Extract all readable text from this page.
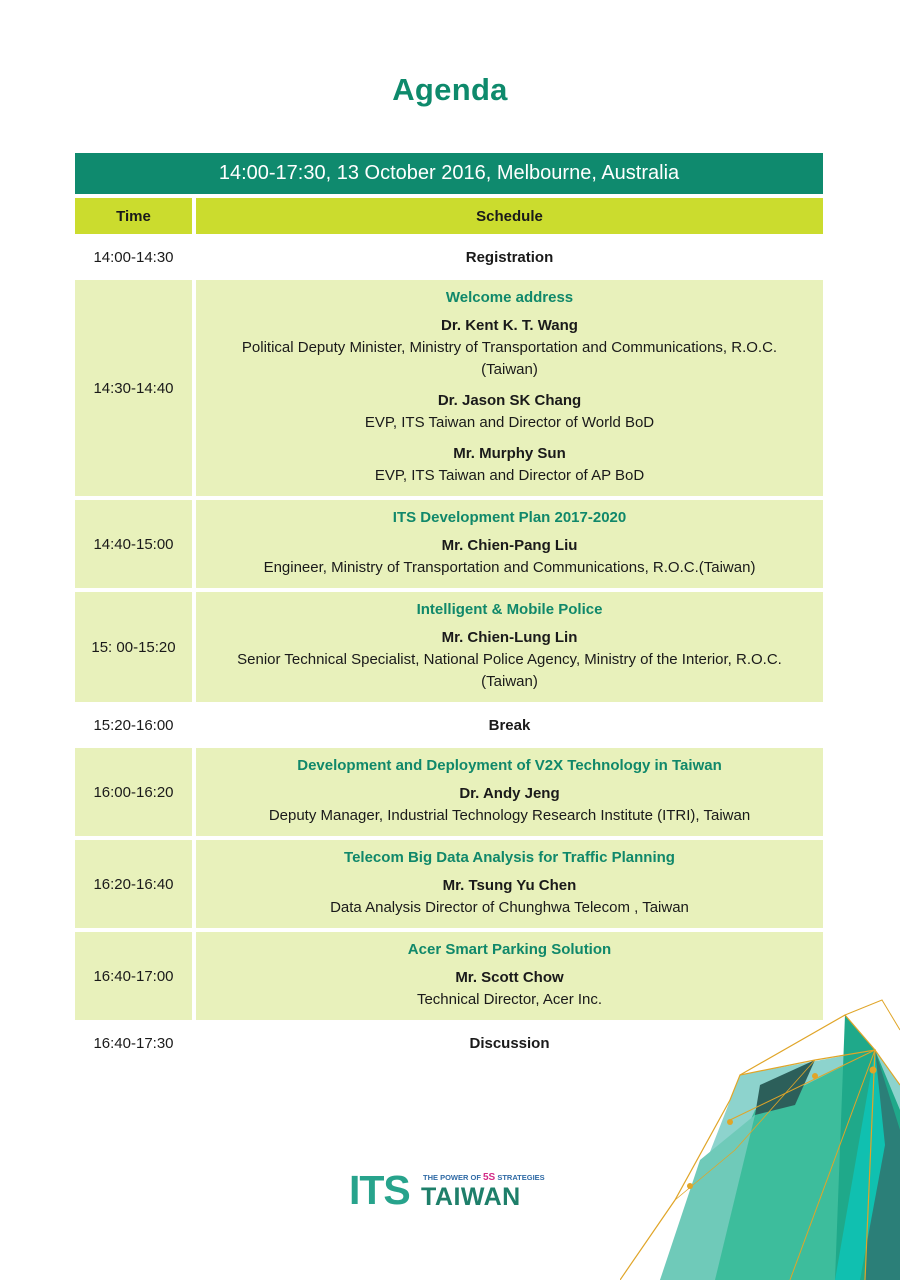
Agenda
14:00-17:30, 13 October 2016, Melbourne, Australia
Time	Schedule
14:00-14:30	Registration
14:30-14:40
Welcome address
Dr. Kent K. T. Wang
Political Deputy Minister, Ministry of Transportation and Communications, R.O.C.(Taiwan)
Dr. Jason SK Chang
EVP, ITS Taiwan and Director of World BoD
Mr. Murphy Sun
EVP, ITS Taiwan and Director of AP BoD
14:40-15:00
ITS Development Plan 2017-2020
Mr. Chien-Pang Liu
Engineer, Ministry of Transportation and Communications, R.O.C.(Taiwan)
15: 00-15:20
Intelligent & Mobile Police
Mr. Chien-Lung Lin
Senior Technical Specialist, National Police Agency, Ministry of the Interior, R.O.C.(Taiwan)
15:20-16:00	Break
16:00-16:20
Development and Deployment of V2X Technology in Taiwan
Dr. Andy Jeng
Deputy Manager, Industrial Technology Research Institute (ITRI), Taiwan
16:20-16:40
Telecom Big Data Analysis for Traffic Planning
Mr. Tsung Yu Chen
Data Analysis Director of Chunghwa Telecom , Taiwan
16:40-17:00
Acer Smart Parking Solution
Mr. Scott Chow
Technical Director, Acer Inc.
16:40-17:30	Discussion
ITS THE POWER OF 5S STRATEGIES
TAIWAN
